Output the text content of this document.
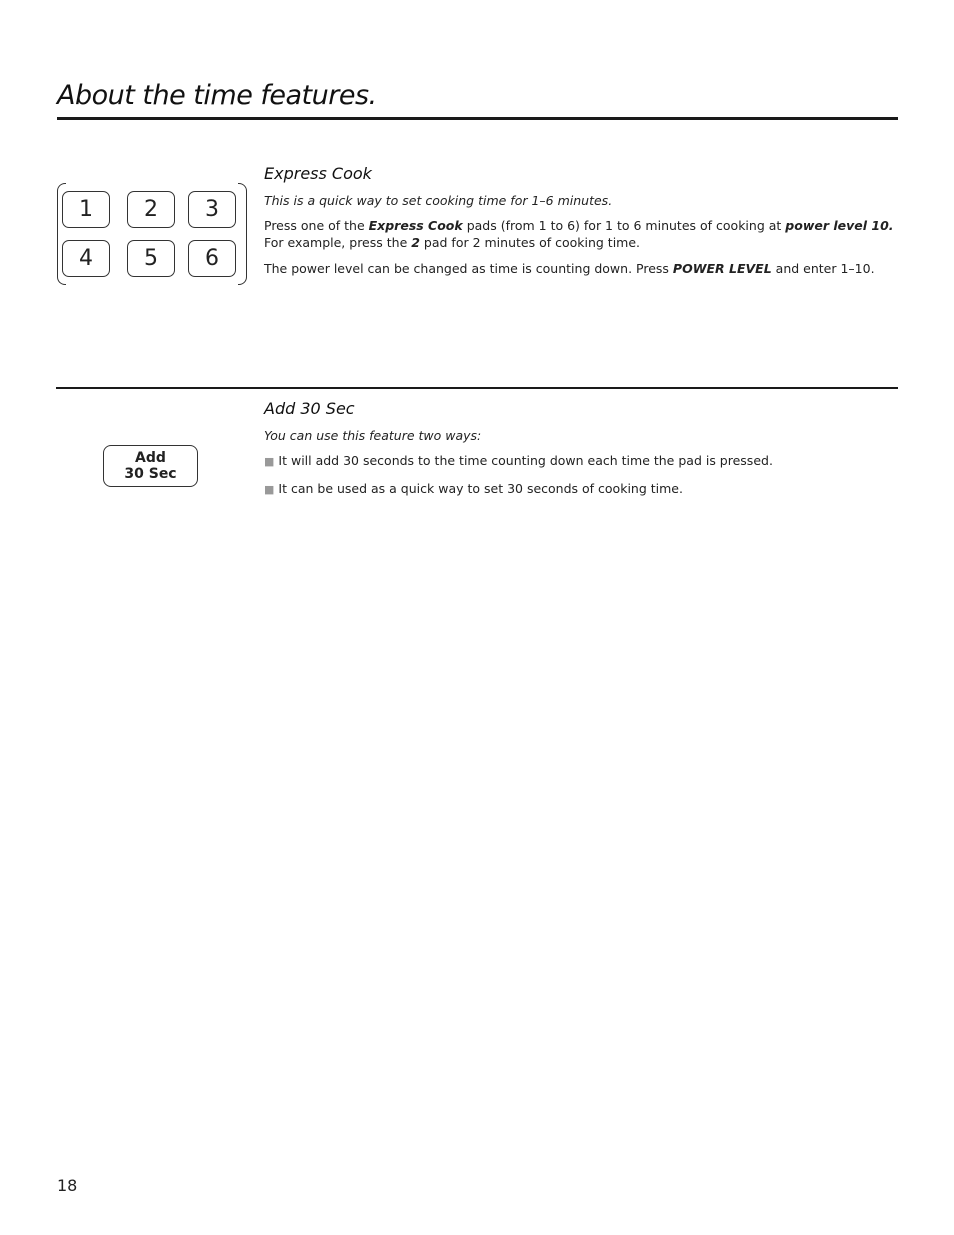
About the time features.
1	2	3
4	5	6
Express Cook

This is a quick way to set cooking time for 1–6 minutes.

Press one of the Express Cook pads (from 1 to 6) for 1 to 6 minutes of cooking at power level 10. For example, press the 2 pad for 2 minutes of cooking time.

The power level can be changed as time is counting down. Press POWER LEVEL and enter 1–10.

Add
30 Sec
Add 30 Sec

You can use this feature two ways:

■ It will add 30 seconds to the time counting down each time the pad is pressed.

■ It can be used as a quick way to set 30 seconds of cooking time.

18
